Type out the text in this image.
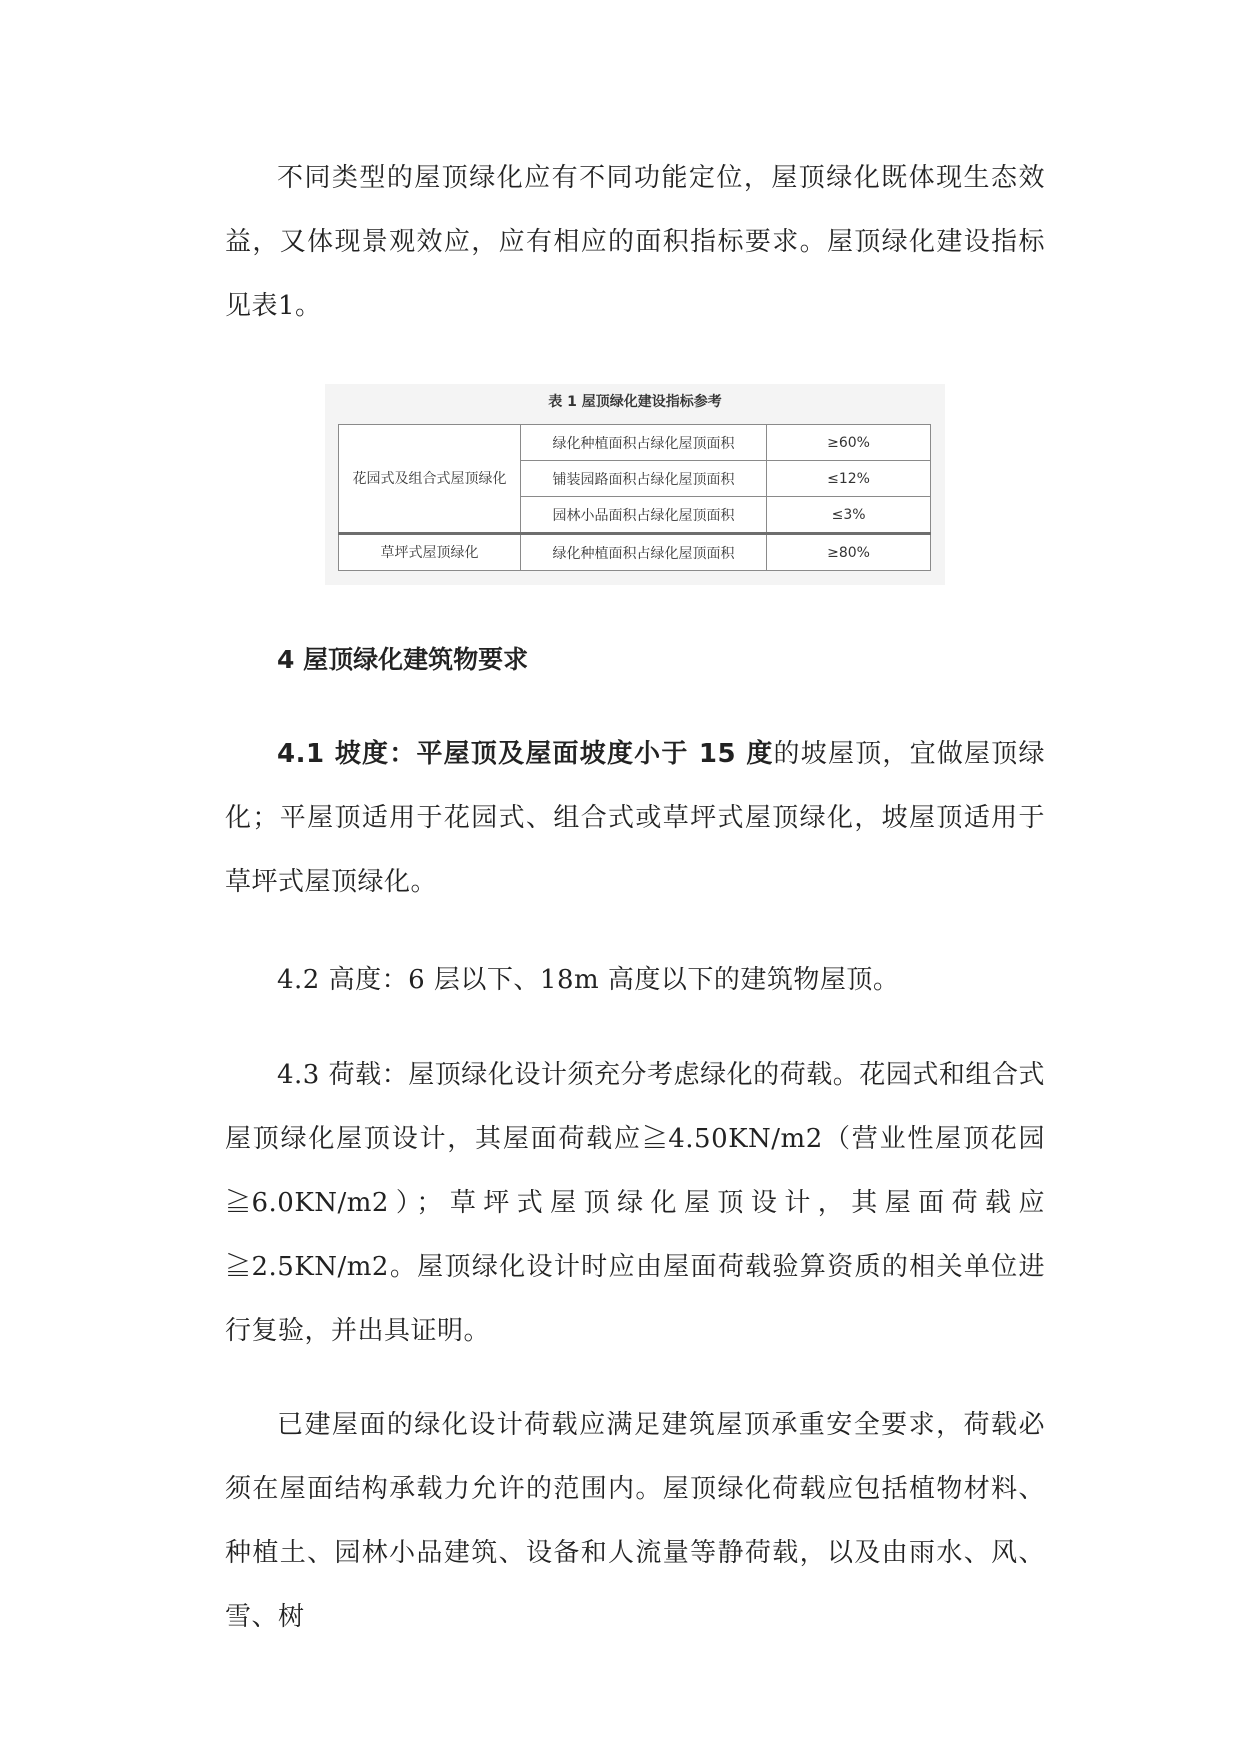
不同类型的屋顶绿化应有不同功能定位，屋顶绿化既体现生态效益，又体现景观效应，应有相应的面积指标要求。屋顶绿化建设指标见表1。

表 1 屋顶绿化建设指标参考
花园式及组合式屋顶绿化	绿化种植面积占绿化屋顶面积	≥60%
	铺装园路面积占绿化屋顶面积	≤12%
	园林小品面积占绿化屋顶面积	≤3%
草坪式屋顶绿化	绿化种植面积占绿化屋顶面积	≥80%
4 屋顶绿化建筑物要求

4.1 坡度：平屋顶及屋面坡度小于 15 度的坡屋顶，宜做屋顶绿化；平屋顶适用于花园式、组合式或草坪式屋顶绿化，坡屋顶适用于草坪式屋顶绿化。

4.2 高度：6 层以下、18m 高度以下的建筑物屋顶。

4.3 荷载：屋顶绿化设计须充分考虑绿化的荷载。花园式和组合式屋顶绿化屋顶设计，其屋面荷载应≧4.50KN/m2（营业性屋顶花园≧6.0KN/m2）；草坪式屋顶绿化屋顶设计，其屋面荷载应≧2.5KN/m2。屋顶绿化设计时应由屋面荷载验算资质的相关单位进行复验，并出具证明。

已建屋面的绿化设计荷载应满足建筑屋顶承重安全要求，荷载必须在屋面结构承载力允许的范围内。屋顶绿化荷载应包括植物材料、种植土、园林小品建筑、设备和人流量等静荷载，以及由雨水、风、雪、树
